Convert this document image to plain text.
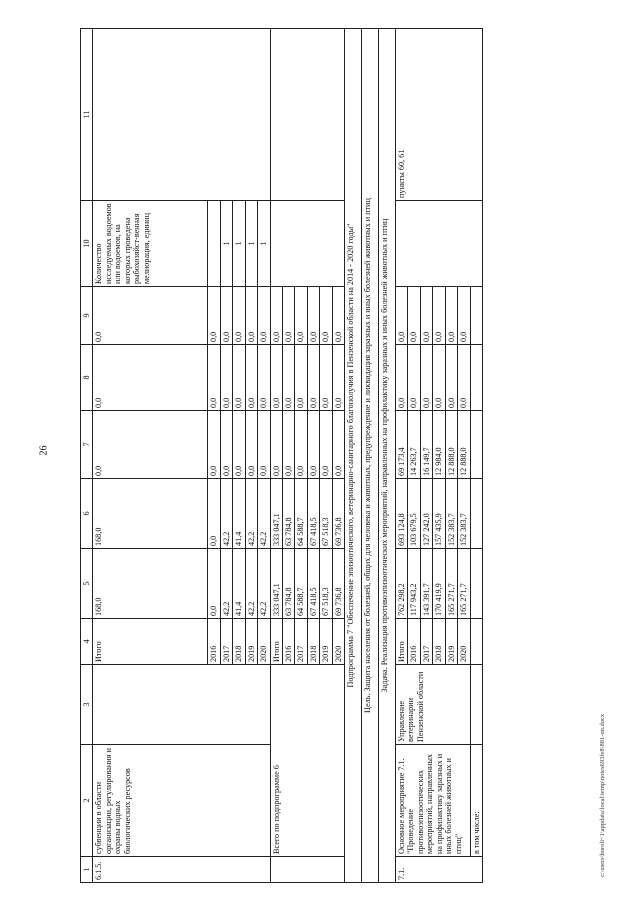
26
c:\users\boroli~1\appdata\local\temp\notes693fe8\881-on.docx
1	2	3	4	5	6	7	8	9	10	11
6.1.5.	субвенции в области организации, регулирования и охраны водных биологических ресурсов		Итого	168,0	168,0	0,0	0,0	0,0	Количество исследуемых водоемов или водоемов, на которых проведена рыбохозяйст-венная мелиорация, единиц	
			2016	0,0	0,0	0,0	0,0	0,0		
			2017	42,2	42,2	0,0	0,0	0,0	1	
			2018	41,4	41,4	0,0	0,0	0,0	1	
			2019	42,2	42,2	0,0	0,0	0,0	1	
			2020	42,2	42,2	0,0	0,0	0,0	1	
	Всего по подпрограмме 6		Итого	333 047,1	333 047,1	0,0	0,0	0,0		
			2016	63 784,8	63 784,8	0,0	0,0	0,0		
			2017	64 588,7	64 588,7	0,0	0,0	0,0		
			2018	67 418,5	67 418,5	0,0	0,0	0,0		
			2019	67 518,3	67 518,3	0,0	0,0	0,0		
			2020	69 736,8	69 736,8	0,0	0,0	0,0		
Подпрограмма 7 "Обеспечение эпизоотического, ветеринарно-санитарного благополучия в Пензенской области на 2014 - 2020 годы"										
Цель. Защита населения от болезней, общих для человека и животных, предупреждение и ликвидация заразных и иных болезней животных и птиц										
Задача. Реализация противоэпизоотических мероприятий, направленных на профилактику заразных и иных болезней животных и птиц										
7.1.	Основное мероприятие 7.1. "Проведение противоэпизоотических мероприятий, направленных на профилактику заразных и иных болезней животных и птиц"	Управление ветеринарии Пензенской области	Итого	762 298,2	693 124,8	69 173,4	0,0	0,0		пункты 60, 61
			2016	117 943,2	103 679,5	14 263,7	0,0	0,0		
			2017	143 391,7	127 242,0	16 149,7	0,0	0,0		
			2018	170 419,9	157 435,9	12 984,0	0,0	0,0		
			2019	165 271,7	152 383,7	12 888,0	0,0	0,0		
			2020	165 271,7	152 383,7	12 888,0	0,0	0,0		
	в том числе:									
